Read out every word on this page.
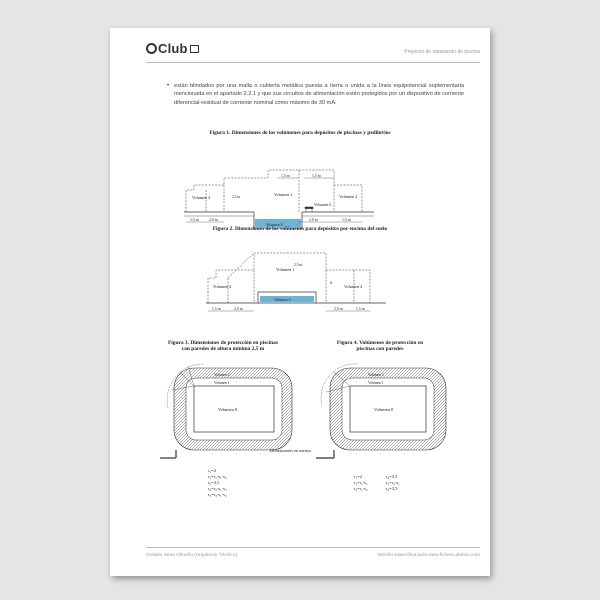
Club	Proyecto de reparación de piscina
• están blindados por una malla o cubierta metálica puesta a tierra o unida a la línea equipotencial suplementaria mencionada en el apartado 2.2.1 y que sus circuitos de alimentación estén protegidos por un dispositivo de corriente diferencial-residual de corriente nominal como máximo de 30 mA.
Figura 1. Dimensiones de los volúmenes para depósitos de piscinas y pediluvios
Volumen 2
Volumen 1	Volumen 2
Volumen 0
Volumen 0
2,5 m
1,5 m	2,0 m	2,0 m	1,5 m
1,5 m	1,5 m
Figura 2. Dimensiones de los volúmenes para depósitos por encima del suelo
Volumen 2
Volumen 1
Volumen 2
Volumen 0
2,5 m
h
1,5 m	2,0 m	2,0 m	1,5 m
Figura 3. Dimensiones de protección en piscinas
con paredes de altura mínima 2,5 m
Volumen 0
Volumen 2
Volumen 1
r₁=2
r₂=r₁-s₁-s₂
r₃=3,5
r₄=r₃-s₁-s₂
r₅=r₃-s₁-s₂
Figura 4. Volúmenes de protección en
piscinas con paredes
Volumen 0
Volumen 2
Volumen 1
r₁=2
r₂=r₁-s₁
r₃=r₁-s₂
r₄=3,5
r₅=r₄-s₁
r₆=3,5
Dimensiones en metros
Octavio Sena Olmeño (Arquitecto Técnico)	Versión específica para www.fichero.planos.com
